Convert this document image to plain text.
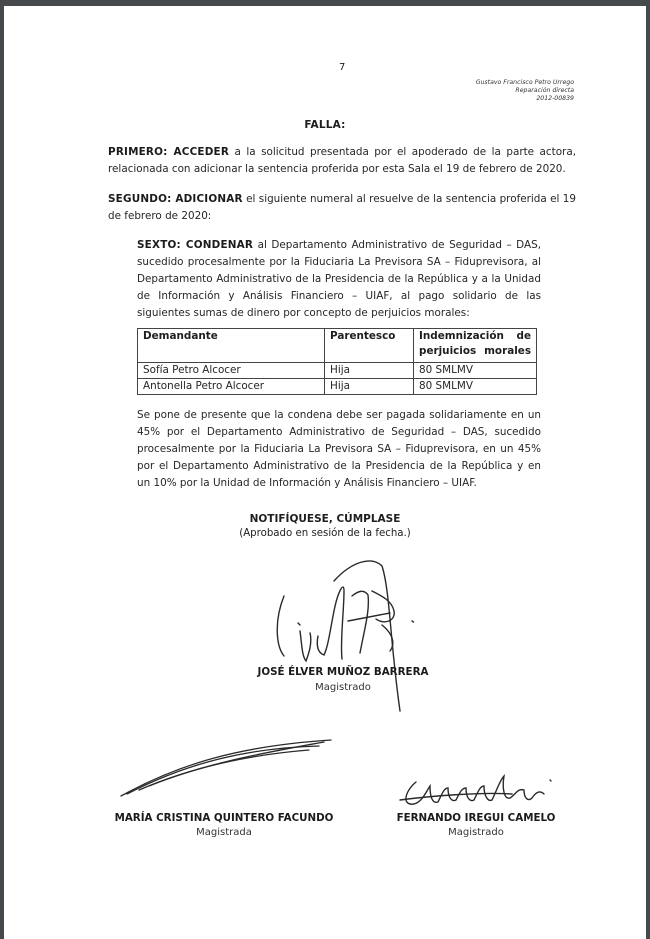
7
Gustavo Francisco Petro Urrego
Reparación directa
2012-00839
FALLA:
PRIMERO: ACCEDER a la solicitud presentada por el apoderado de la parte actora, relacionada con adicionar la sentencia proferida por esta Sala el 19 de febrero de 2020.
SEGUNDO: ADICIONAR el siguiente numeral al resuelve de la sentencia proferida el 19 de febrero de 2020:
SEXTO: CONDENAR al Departamento Administrativo de Seguridad – DAS, sucedido procesalmente por la Fiduciaria La Previsora SA – Fiduprevisora, al Departamento Administrativo de la Presidencia de la República y a la Unidad de Información y Análisis Financiero – UIAF, al pago solidario de las siguientes sumas de dinero por concepto de perjuicios morales:
Demandante	Parentesco	Indemnización de perjuicios morales
Sofía Petro Alcocer	Hija	80 SMLMV
Antonella Petro Alcocer	Hija	80 SMLMV
Se pone de presente que la condena debe ser pagada solidariamente en un 45% por el Departamento Administrativo de Seguridad – DAS, sucedido procesalmente por la Fiduciaria La Previsora SA – Fiduprevisora, en un 45% por el Departamento Administrativo de la Presidencia de la República y en un 10% por la Unidad de Información y Análisis Financiero – UIAF.
NOTIFÍQUESE, CÚMPLASE
(Aprobado en sesión de la fecha.)
JOSÉ ÉLVER MUÑOZ BARRERA
Magistrado
MARÍA CRISTINA QUINTERO FACUNDO
Magistrada
FERNANDO IREGUI CAMELO
Magistrado
